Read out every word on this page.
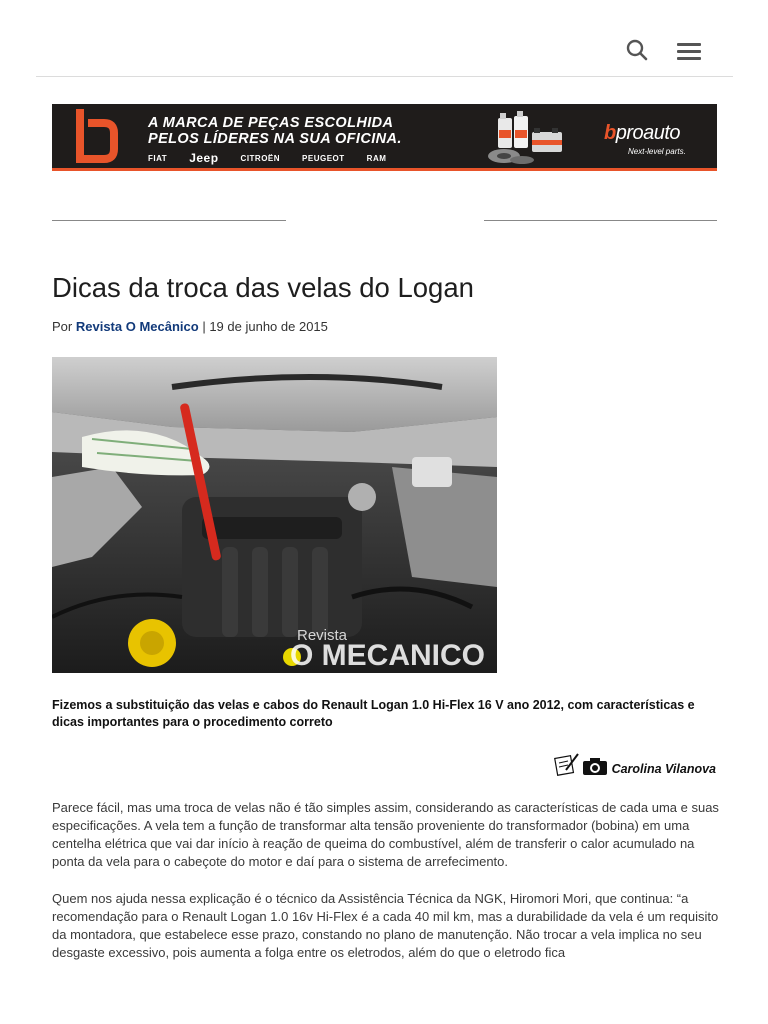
A MARCA DE PEÇAS ESCOLHIDA
PELOS LÍDERES NA SUA OFICINA.
FIAT Jeep	CITROËN	PEUGEOT	RAM
bproauto
Next-level parts.
Dicas da troca das velas do Logan
Por Revista O Mecânico | 19 de junho de 2015
Revista
O MECANICO
Fizemos a substituição das velas e cabos do Renault Logan 1.0 Hi-Flex 16 V ano 2012, com características e dicas importantes para o procedimento correto
Carolina Vilanova

Parece fácil, mas uma troca de velas não é tão simples assim, considerando as características de cada uma e suas especificações. A vela tem a função de transformar alta tensão proveniente do transformador (bobina) em uma centelha elétrica que vai dar início à reação de queima do combustível, além de transferir o calor acumulado na ponta da vela para o cabeçote do motor e daí para o sistema de arrefecimento.

Quem nos ajuda nessa explicação é o técnico da Assistência Técnica da NGK, Hiromori Mori, que continua: “a recomendação para o Renault Logan 1.0 16v Hi-Flex é a cada 40 mil km, mas a durabilidade da vela é um requisito da montadora, que estabelece esse prazo, constando no plano de manutenção. Não trocar a vela implica no seu desgaste excessivo, pois aumenta a folga entre os eletrodos, além do que o eletrodo fica
